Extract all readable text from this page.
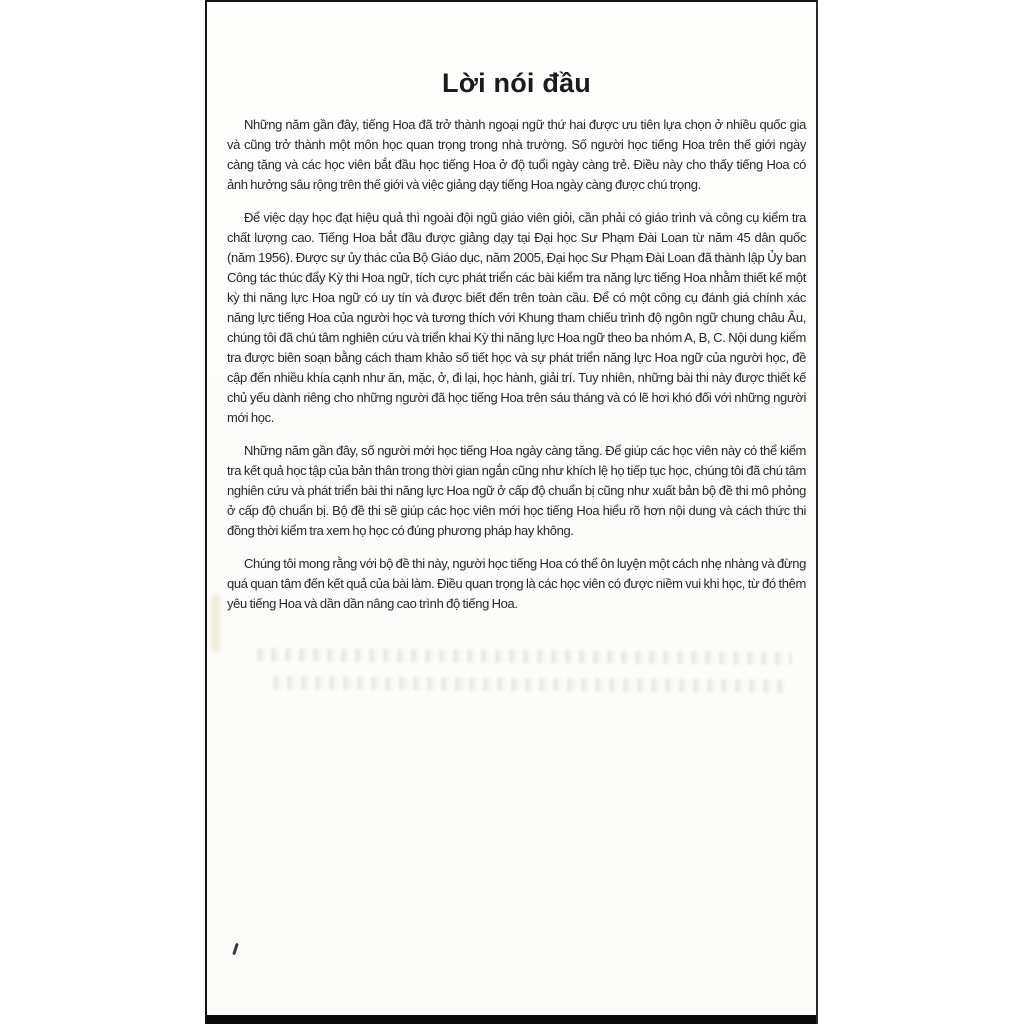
Lời nói đầu

Những năm gần đây, tiếng Hoa đã trở thành ngoại ngữ thứ hai được ưu tiên lựa chọn ở nhiều quốc gia và cũng trở thành một môn học quan trọng trong nhà trường. Số người học tiếng Hoa trên thế giới ngày càng tăng và các học viên bắt đầu học tiếng Hoa ở độ tuổi ngày càng trẻ. Điều này cho thấy tiếng Hoa có ảnh hưởng sâu rộng trên thế giới và việc giảng dạy tiếng Hoa ngày càng được chú trọng.

Để việc dạy học đạt hiệu quả thì ngoài đội ngũ giáo viên giỏi, cần phải có giáo trình và công cụ kiểm tra chất lượng cao. Tiếng Hoa bắt đầu được giảng dạy tại Đại học Sư Phạm Đài Loan từ năm 45 dân quốc (năm 1956). Được sự ủy thác của Bộ Giáo dục, năm 2005, Đại học Sư Phạm Đài Loan đã thành lập Ủy ban Công tác thúc đẩy Kỳ thi Hoa ngữ, tích cực phát triển các bài kiểm tra năng lực tiếng Hoa nhằm thiết kế một kỳ thi năng lực Hoa ngữ có uy tín và được biết đến trên toàn cầu. Để có một công cụ đánh giá chính xác năng lực tiếng Hoa của người học và tương thích với Khung tham chiếu trình độ ngôn ngữ chung châu Âu, chúng tôi đã chú tâm nghiên cứu và triển khai Kỳ thi năng lực Hoa ngữ theo ba nhóm A, B, C. Nội dung kiểm tra được biên soạn bằng cách tham khảo số tiết học và sự phát triển năng lực Hoa ngữ của người học, đề cập đến nhiều khía cạnh như ăn, mặc, ở, đi lại, học hành, giải trí. Tuy nhiên, những bài thi này được thiết kế chủ yếu dành riêng cho những người đã học tiếng Hoa trên sáu tháng và có lẽ hơi khó đối với những người mới học.

Những năm gần đây, số người mới học tiếng Hoa ngày càng tăng. Để giúp các học viên này có thể kiểm tra kết quả học tập của bản thân trong thời gian ngắn cũng như khích lệ họ tiếp tục học, chúng tôi đã chú tâm nghiên cứu và phát triển bài thi năng lực Hoa ngữ ở cấp độ chuẩn bị cũng như xuất bản bộ đề thi mô phỏng ở cấp độ chuẩn bị. Bộ đề thi sẽ giúp các học viên mới học tiếng Hoa hiểu rõ hơn nội dung và cách thức thi đồng thời kiểm tra xem họ học có đúng phương pháp hay không.

Chúng tôi mong rằng với bộ đề thi này, người học tiếng Hoa có thể ôn luyện một cách nhẹ nhàng và đừng quá quan tâm đến kết quả của bài làm. Điều quan trọng là các học viên có được niềm vui khi học, từ đó thêm yêu tiếng Hoa và dần dần nâng cao trình độ tiếng Hoa.
